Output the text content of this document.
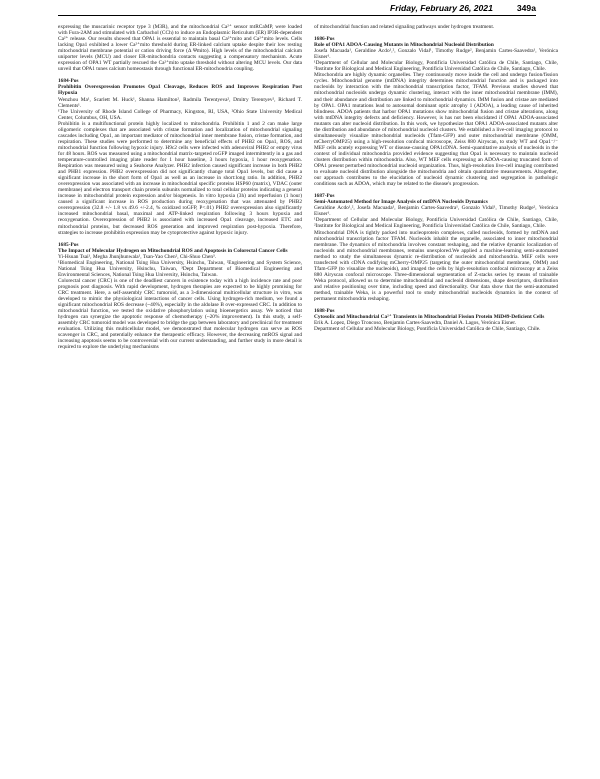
Friday, February 26, 2021	349a

expressing the muscarinic receptor type 3 (M3R), and the mitochondrial Ca²⁺ sensor mtRCaMP, were loaded with Fura-2AM and stimulated with Carbachol (CCh) to induce an Endoplasmic Reticulum (ER) IP3R-dependent Ca²⁺ release. Our results showed that OPA1 is essential to maintain basal Ca²⁺mito and Ca²⁺mito levels. Cells lacking Opa1 exhibited a lower Ca²⁺mito threshold during ER-linked calcium uptake despite their low resting mitochondrial membrane potential or cation driving force (Δ Ψmito). High levels of the mitochondrial calcium uniporter levels (MCU) and closer ER-mitochondria contacts suggesting a compensatory mechanism. Acute expression of OPA1 WT partially rescued the Ca²⁺mito uptake threshold without altering MCU levels. Our data unveil that OPA1 tunes calcium homeostasis through functional ER-mitochondria coupling.

1684-Pos

Prohibitin Overexpression Promotes Opa1 Cleavage, Reduces ROS and Improves Respiration Post Hypoxia

Wenzhou Ma¹, Scarlett M. Huck¹, Shanna Hamilton², Radmila Terentyeva², Dmitry Terentyev², Richard T. Clements¹.

¹The University of Rhode Island College of Pharmacy, Kingston, RI, USA, ²Ohio State University Medical Center, Columbus, OH, USA.

Prohibitin is a multifunctional protein highly localized to mitochondria. Prohibitin 1 and 2 can make large oligomeric complexes that are associated with cristae formation and localization of mitochondrial signaling cascades including Opa1, an important mediator of mitochondrial inner membrane fusion, cristae formation, and respiration. These studies were performed to determine any beneficial effects of PHB2 on Opa1, ROS, and mitochondrial function following hypoxic injury. H9c2 cells were infected with adenoviral PHB2 or empty virus for 48 hours. ROS was measured using a mitochondrial matrix-targeted roGFP imaged intermittently in a gas and temperature-controlled imaging plate reader for 1 hour baseline, 3 hours hypoxia, 1 hour reoxygenation. Respiration was measured using a Seahorse Analyzer. PHB2 infection caused significant increase in both PHB2 and PHB1 expression. PHB2 overexpression did not significantly change total Opa1 levels, but did cause a significant increase in the short form of Opa1 as well as an increase in short:long ratio. In addition, PHB2 overexpression was associated with an increase in mitochondrial specific proteins HSP60 (matrix), VDAC (outer membrane) and electron transport chain protein subunits normalized to total cellular proteins indicating a general increase in mitochondrial protein expression and/or biogenesis. In vitro hypoxia (3h) and reperfusion (1 hour) caused a significant increase in ROS production during reoxygenation that was attenuated by PHB2 overexpression (32.8 +/- 1.8 vs 49.6 +/-2.4, % oxidized roGFP, P<.01) PHB2 overexpression also significantly increased mitochondrial basal, maximal and ATP-linked respiration following 3 hours hypoxia and reoxygenation. Overexpression of PHB2 is associated with increased Opa1 cleavage, increased ETC and mitochondrial proteins, but decreased ROS generation and improved respiration post-hypoxia. Therefore, strategies to increase prohibitin expression may be cytoprotective against hypoxic injury.

1685-Pos

The Impact of Molecular Hydrogen on Mitochondrial ROS and Apoptosis in Colorectal Cancer Cells

Yi-Hsuan Tsai¹, Megha Jhunjhunwala¹, Tsan-Yao Chen², Chi-Shuo Chen³.

¹Biomedical Engineering, National Tsing Hua University, Hsinchu, Taiwan, ²Engineering and System Science, National Tsing Hua University, Hsinchu, Taiwan, ³Dept Department of Biomedical Engineering and Environmental Sciences, National Tsing Hua University, Hsinchu, Taiwan.

Colorectal cancer (CRC) is one of the deadliest cancers in existence today with a high incidence rate and poor prognosis post diagnosis. With rapid development, hydrogen therapies are expected to be highly promising for CRC treatment. Here, a self-assembly CRC tumoroid, as a 3-dimensional multicellular structure in vitro, was developed to mimic the physiological interactions of cancer cells. Using hydrogen-rich medium, we found a significant mitochondrial ROS decrease (~40%), especially in the aldolase B over-expressed CRC. In addition to mitochondrial function, we tested the oxidative phosphorylation using bioenergetics assay. We noticed that hydrogen can synergize the apoptotic response of chemotherapy (~20% improvement). In this study, a self-assembly CRC tumoroid model was developed to bridge the gap between laboratory and preclinical for treatment evaluation. Utilizing this multicellular model, we demonstrated that molecular hydrogen can serve as ROS scavenger in CRC, and potentially enhance the therapeutic efficacy. However, the decreasing mtROS signal and increasing apoptosis seems to be controversial with our current understanding, and further study in more detail is required to explore the underlying mechanisms

of mitochondrial function and related signaling pathways under hydrogen treatment.

1686-Pos

Role of OPA1 ADOA-Causing Mutants in Mitochondrial Nucleoid Distribution

Josefa Macuada¹, Geraldine Acdo¹,², Gonzalo Vidal¹, Timothy Rudge², Benjamin Cartes-Saavedra¹, Verónica Eisner¹.

¹Department of Cellular and Molecular Biology, Pontificia Universidad Católica de Chile, Santiago, Chile, ²Institute for Biological and Medical Engineering, Pontificia Universidad Católica de Chile, Santiago, Chile.

Mitochondria are highly dynamic organelles. They continuously move inside the cell and undergo fusion/fission cycles. Mitochondrial genome (mtDNA) integrity determines mitochondrial function and is packaged into nucleoids by interaction with the mitochondrial transcription factor, TFAM. Previous studies showed that mitochondrial nucleoids undergo dynamic clustering, interact with the inner mitochondrial membrane (IMM), and their abundance and distribution are linked to mitochondrial dynamics. IMM fusion and cristae are mediated by OPA1. OPA1 mutations lead to autosomal dominant optic atrophy 1 (ADOA), a leading cause of inherited blindness. ADOA patients that harbor OPA1 mutations show mitochondrial fusion and cristae alterations, along with mtDNA integrity defects and deficiency. However, is has not been elucidated if OPA1 ADOA-associated mutants can alter nucleoid distribution. In this work, we hypothesize that OPA1 ADOA-associated mutants alter the distribution and abundance of mitochondrial nucleoid clusters. We established a live-cell imaging protocol to simultaneously visualize mitochondrial nucleoids (Tfam-GFP) and outer mitochondrial membrane (OMM, mCherryOMP25) using a high-resolution confocal microscope, Zeiss 880 Airyscan, to study WT and Opa1⁻/⁻ MEF cells acutely expressing WT or disease-causing OPA1cDNA. Semi-quantitative analysis of nucleoids in the context of individual mitochondria provided evidence suggesting that Opa1 is necessary to maintain nucleoid clusters distribution within mitochondria. Also, WT MEF cells expressing an ADOA-causing truncated form of OPA1 present perturbed mitochondrial nucleoid organization. Thus, high-resolution live-cell imaging contributed to evaluate nucleoid distribution alongside the mitochondria and obtain quantitative measurements. Altogether, our approach contributes to the elucidation of nucleoid dynamic clustering and segregation in pathologic conditions such as ADOA, which may be related to the disease's progression.

1687-Pos

Semi-Automated Method for Image Analysis of mtDNA Nucleoids Dynamics

Geraldine Acdo¹,², Josefa Macuada¹, Benjamin Cartes-Saavedra¹, Gonzalo Vidal¹, Timothy Rudge², Verónica Eisner¹.

¹Department of Cellular and Molecular Biology, Pontificia Universidad Católica de Chile, Santiago, Chile, ²Institute for Biological and Medical Engineering, Pontificia Universidad Católica de Chile, Santiago, Chile.

Mitochondrial DNA is tightly packed into nucleoprotein complexes, called nucleoids, formed by mtDNA and mitochondrial transcription factor TFAM. Nucleoids inhabit the organelle, associated to inner mitochondrial membrane. The dynamics of mitochondria involves constant reshaping, and the relative dynamic localization of nucleoids and mitochondrial membranes, remains unexplored.We applied a machine-learning semi-automated method to study the simultaneous dynamic re-distribution of nucleoids and mitochondria. MEF cells were transfected with cDNA codifying mCherry-OMP25 (targeting the outer mitochondrial membrane, OMM) and Tfam-GFP (to visualize the nucleoids), and imaged the cells by high-resolution confocal microscopy at a Zeiss 880 Airyscan confocal microscope. Three-dimensional segmentation of Z-stacks series by means of trainable Weka protocol, allowed us to determine mitochondrial and nucleoid dimensions, shape descriptors, distribution and relative positioning over time, including speed and directionality. Our data show that the semi-automated method, trainable Weka, is a powerful tool to study mitochondrial nucleoids dynamics in the context of permanent mitochondria reshaping.

1688-Pos

Cytosolic and Mitochondrial Ca²⁺ Transients in Mitochondrial Fission Protein MiD49-Deficient Cells

Erik A. Lopez, Diego Troncoso, Benjamin Cartes-Saavedra, Daniel A. Lagos, Verónica Eisner.

Department of Cellular and Molecular Biology, Pontificia Universidad Católica de Chile, Santiago, Chile.
